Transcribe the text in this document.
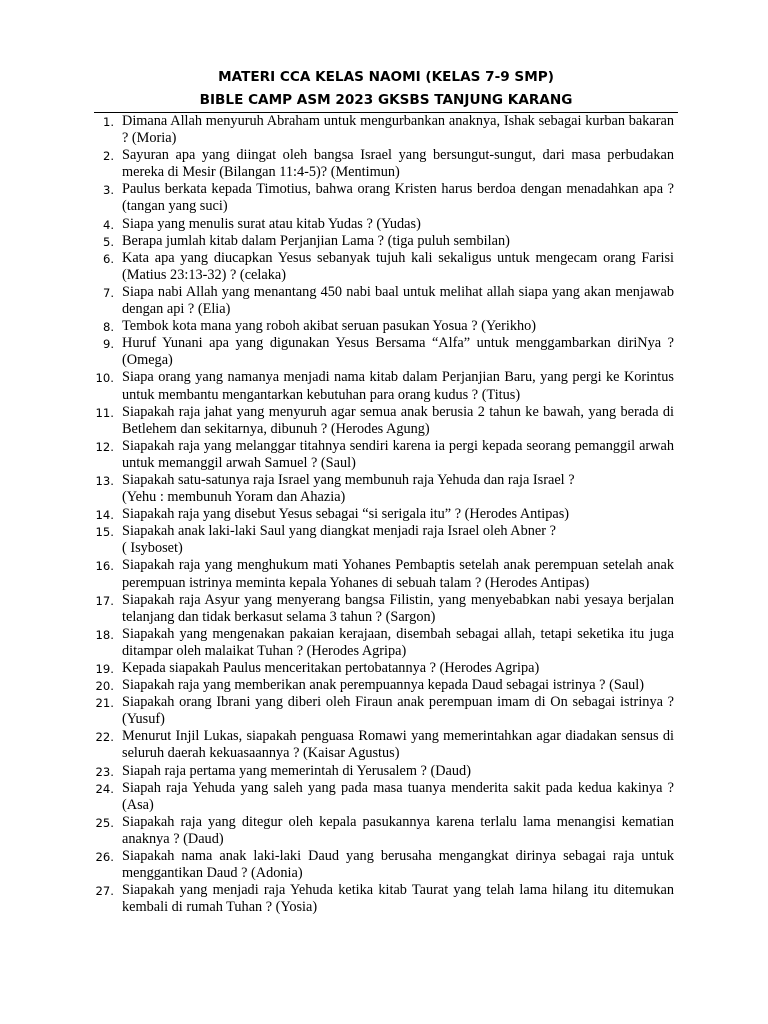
MATERI CCA KELAS NAOMI (KELAS 7-9 SMP)
BIBLE CAMP ASM 2023 GKSBS TANJUNG KARANG
1. Dimana Allah menyuruh Abraham untuk mengurbankan anaknya, Ishak sebagai kurban bakaran ? (Moria)
2. Sayuran apa yang diingat oleh bangsa Israel yang bersungut-sungut, dari masa perbudakan mereka di Mesir (Bilangan 11:4-5)? (Mentimun)
3. Paulus berkata kepada Timotius, bahwa orang Kristen harus berdoa dengan menadahkan apa ? (tangan yang suci)
4. Siapa yang menulis surat atau kitab Yudas ? (Yudas)
5. Berapa jumlah kitab dalam Perjanjian Lama ? (tiga puluh sembilan)
6. Kata apa yang diucapkan Yesus sebanyak tujuh kali sekaligus untuk mengecam orang Farisi (Matius 23:13-32) ? (celaka)
7. Siapa nabi Allah yang menantang 450 nabi baal untuk melihat allah siapa yang akan menjawab dengan api ? (Elia)
8. Tembok kota mana yang roboh akibat seruan pasukan Yosua ? (Yerikho)
9. Huruf Yunani apa yang digunakan Yesus Bersama “Alfa” untuk menggambarkan diriNya ? (Omega)
10. Siapa orang yang namanya menjadi nama kitab dalam Perjanjian Baru, yang pergi ke Korintus untuk membantu mengantarkan kebutuhan para orang kudus ? (Titus)
11. Siapakah raja jahat yang menyuruh agar semua anak berusia 2 tahun ke bawah, yang berada di Betlehem dan sekitarnya, dibunuh ? (Herodes Agung)
12. Siapakah raja yang melanggar titahnya sendiri karena ia pergi kepada seorang pemanggil arwah untuk memanggil arwah Samuel ? (Saul)
13. Siapakah satu-satunya raja Israel yang membunuh raja Yehuda dan raja Israel ?
(Yehu : membunuh Yoram dan Ahazia)
14. Siapakah raja yang disebut Yesus sebagai “si serigala itu” ? (Herodes Antipas)
15. Siapakah anak laki-laki Saul yang diangkat menjadi raja Israel oleh Abner ?
( Isyboset)
16. Siapakah raja yang menghukum mati Yohanes Pembaptis setelah anak perempuan setelah anak perempuan istrinya meminta kepala Yohanes di sebuah talam ? (Herodes Antipas)
17. Siapakah raja Asyur yang menyerang bangsa Filistin, yang menyebabkan nabi yesaya berjalan telanjang dan tidak berkasut selama 3 tahun ? (Sargon)
18. Siapakah yang mengenakan pakaian kerajaan, disembah sebagai allah, tetapi seketika itu juga ditampar oleh malaikat Tuhan ? (Herodes Agripa)
19. Kepada siapakah Paulus menceritakan pertobatannya ? (Herodes Agripa)
20. Siapakah raja yang memberikan anak perempuannya kepada Daud sebagai istrinya ? (Saul)
21. Siapakah orang Ibrani yang diberi oleh Firaun anak perempuan imam di On sebagai istrinya ? (Yusuf)
22. Menurut Injil Lukas, siapakah penguasa Romawi yang memerintahkan agar diadakan sensus di seluruh daerah kekuasaannya ? (Kaisar Agustus)
23. Siapah raja pertama yang memerintah di Yerusalem ? (Daud)
24. Siapah raja Yehuda yang saleh yang pada masa tuanya menderita sakit pada kedua kakinya ? (Asa)
25. Siapakah raja yang ditegur oleh kepala pasukannya karena terlalu lama menangisi kematian anaknya ? (Daud)
26. Siapakah nama anak laki-laki Daud yang berusaha mengangkat dirinya sebagai raja untuk menggantikan Daud ? (Adonia)
27. Siapakah yang menjadi raja Yehuda ketika kitab Taurat yang telah lama hilang itu ditemukan kembali di rumah Tuhan ? (Yosia)
